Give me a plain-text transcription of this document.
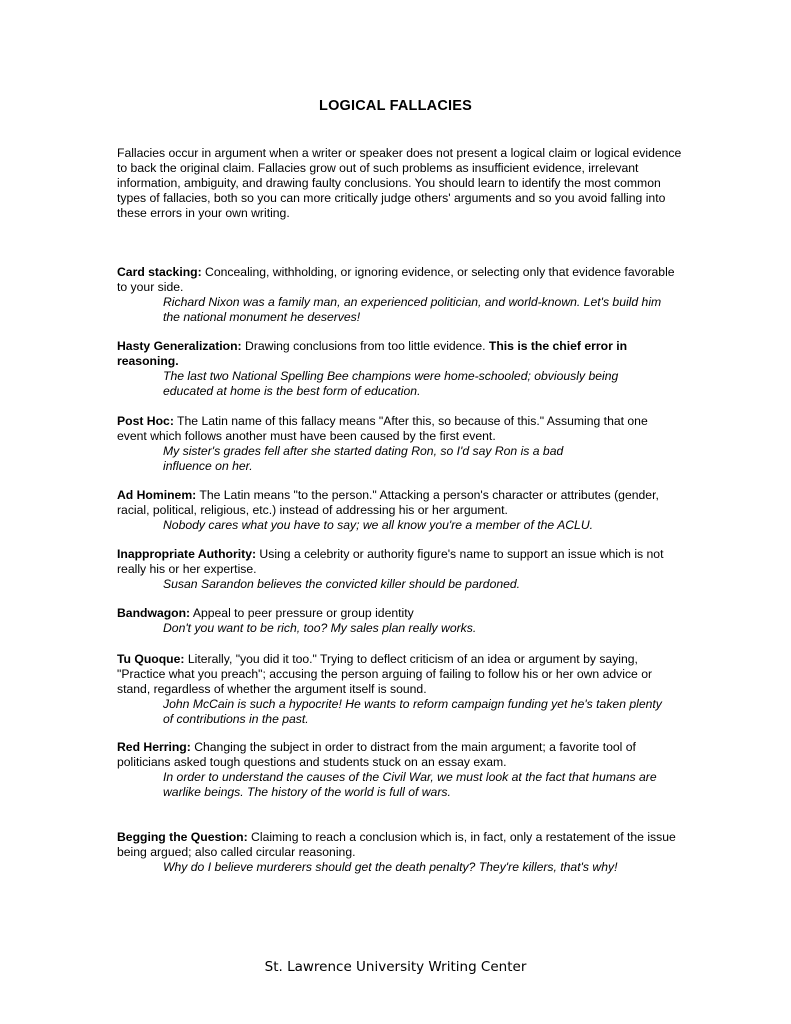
LOGICAL FALLACIES
Fallacies occur in argument when a writer or speaker does not present a logical claim or logical evidence to back the original claim. Fallacies grow out of such problems as insufficient evidence, irrelevant information, ambiguity, and drawing faulty conclusions. You should learn to identify the most common types of fallacies, both so you can more critically judge others' arguments and so you avoid falling into these errors in your own writing.
Card stacking: Concealing, withholding, or ignoring evidence, or selecting only that evidence favorable to your side.
Richard Nixon was a family man, an experienced politician, and world-known. Let's build him the national monument he deserves!
Hasty Generalization: Drawing conclusions from too little evidence. This is the chief error in reasoning.
The last two National Spelling Bee champions were home-schooled; obviously being educated at home is the best form of education.
Post Hoc: The Latin name of this fallacy means "After this, so because of this." Assuming that one event which follows another must have been caused by the first event.
My sister's grades fell after she started dating Ron, so I'd say Ron is a bad influence on her.
Ad Hominem: The Latin means "to the person." Attacking a person's character or attributes (gender, racial, political, religious, etc.) instead of addressing his or her argument.
Nobody cares what you have to say; we all know you're a member of the ACLU.
Inappropriate Authority: Using a celebrity or authority figure's name to support an issue which is not really his or her expertise.
Susan Sarandon believes the convicted killer should be pardoned.
Bandwagon: Appeal to peer pressure or group identity
Don't you want to be rich, too? My sales plan really works.
Tu Quoque: Literally, "you did it too." Trying to deflect criticism of an idea or argument by saying, "Practice what you preach"; accusing the person arguing of failing to follow his or her own advice or stand, regardless of whether the argument itself is sound.
John McCain is such a hypocrite! He wants to reform campaign funding yet he's taken plenty of contributions in the past.
Red Herring: Changing the subject in order to distract from the main argument; a favorite tool of politicians asked tough questions and students stuck on an essay exam.
In order to understand the causes of the Civil War, we must look at the fact that humans are warlike beings. The history of the world is full of wars.
Begging the Question: Claiming to reach a conclusion which is, in fact, only a restatement of the issue being argued; also called circular reasoning.
Why do I believe murderers should get the death penalty? They're killers, that's why!
St. Lawrence University Writing Center
